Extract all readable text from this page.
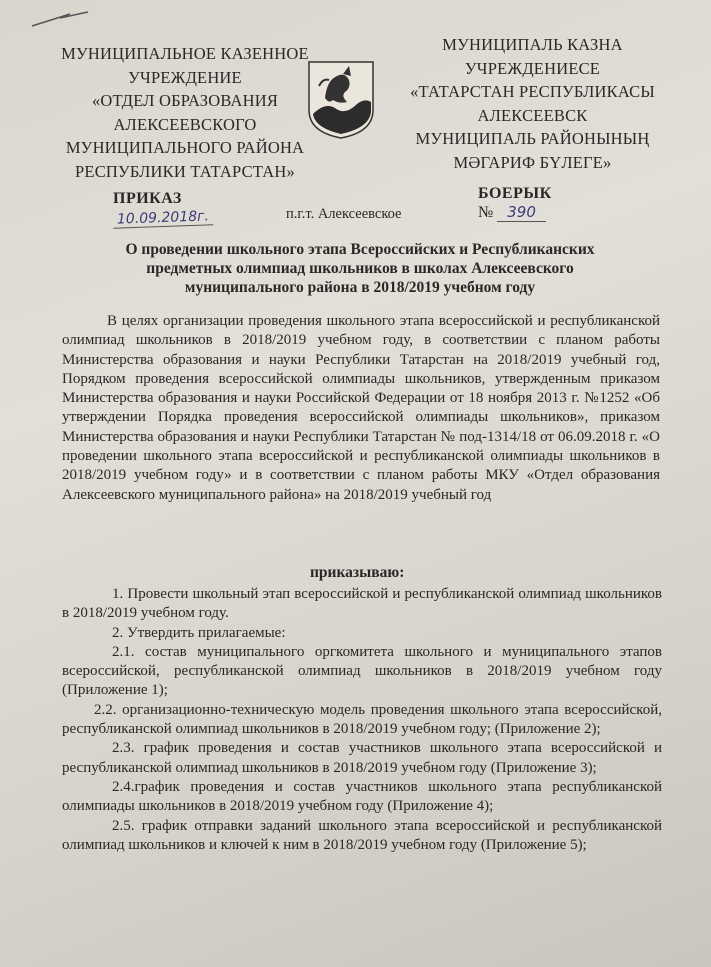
МУНИЦИПАЛЬНОЕ КАЗЕННОЕ
УЧРЕЖДЕНИЕ
«ОТДЕЛ ОБРАЗОВАНИЯ
АЛЕКСЕЕВСКОГО
МУНИЦИПАЛЬНОГО РАЙОНА
РЕСПУБЛИКИ ТАТАРСТАН»
МУНИЦИПАЛЬ КАЗНА
УЧРЕЖДЕНИЕСЕ
«ТАТАРСТАН РЕСПУБЛИКАСЫ
АЛЕКСЕЕВСК
МУНИЦИПАЛЬ РАЙОНЫНЫҢ
МӘГАРИФ БҮЛЕГЕ»
ПРИКАЗ
10.09.2018г.	п.г.т. Алексеевское
БОЕРЫК
№ 390
О проведении школьного этапа Всероссийских и Республиканских
предметных олимпиад школьников в школах Алексеевского
муниципального района в 2018/2019 учебном году

В целях организации проведения школьного этапа всероссийской и республиканской олимпиад школьников в 2018/2019 учебном году, в соответствии с планом работы Министерства образования и науки Республики Татарстан на 2018/2019 учебный год, Порядком проведения всероссийской олимпиады школьников, утвержденным приказом Министерства образования и науки Российской Федерации от 18 ноября 2013 г. №1252 «Об утверждении Порядка проведения всероссийской олимпиады школьников», приказом Министерства образования и науки Республики Татарстан № под-1314/18 от 06.09.2018 г. «О проведении школьного этапа всероссийской и республиканской олимпиады школьников в 2018/2019 учебном году» и в соответствии с планом работы МКУ «Отдел образования Алексеевского муниципального района» на 2018/2019 учебный год

приказываю:

1. Провести школьный этап всероссийской и республиканской олимпиад школьников в 2018/2019 учебном году.

2. Утвердить прилагаемые:

2.1. состав муниципального оргкомитета школьного и муниципального этапов всероссийской, республиканской олимпиад школьников в 2018/2019 учебном году (Приложение 1);

2.2. организационно-техническую модель проведения школьного этапа всероссийской, республиканской олимпиад школьников в 2018/2019 учебном году; (Приложение 2);

2.3. график проведения и состав участников школьного этапа всероссийской и республиканской олимпиад школьников в 2018/2019 учебном году (Приложение 3);

2.4.график проведения и состав участников школьного этапа республиканской олимпиады школьников в 2018/2019 учебном году (Приложение 4);

2.5. график отправки заданий школьного этапа всероссийской и республиканской олимпиад школьников и ключей к ним в 2018/2019 учебном году (Приложение 5);
